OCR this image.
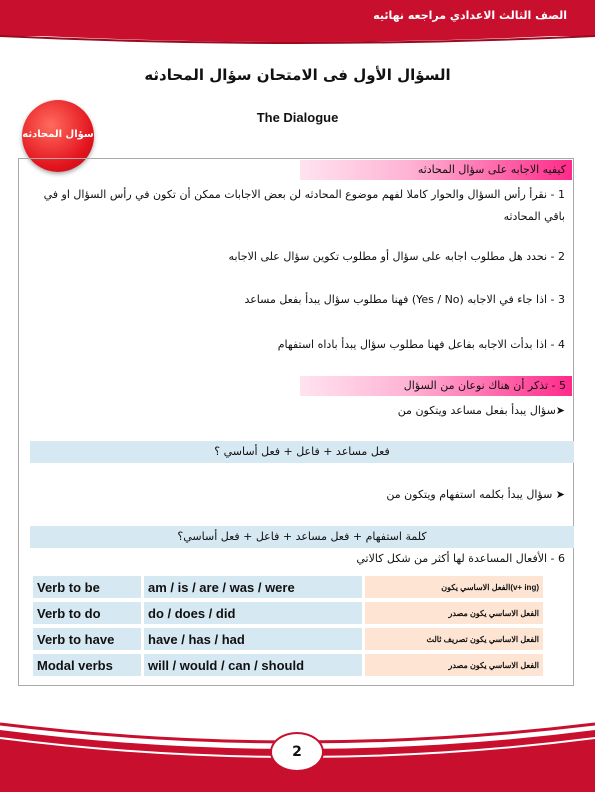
الصف الثالث الاعدادي مراجعه نهائيه
السؤال الأول فى الامتحان سؤال المحادثه
The Dialogue
سؤال المحادثه
كيفيه الاجابه على سؤال المحادثه
1 - نقرأ رأس السؤال والحوار كاملا لفهم موضوع المحادثه لن بعض الاجابات ممكن أن تكون في رأس السؤال او في باقي المحادثه
2 - نحدد هل مطلوب اجابه على سؤال أو مطلوب تكوين سؤال على الاجابه
3 - اذا جاء في الاجابه (Yes / No) فهنا مطلوب سؤال يبدأ بفعل مساعد
4 - اذا بدأت الاجابه بفاعل فهنا مطلوب سؤال يبدأ باداه استفهام
5 - تذكر أن هناك نوعان من السؤال
➤سؤال يبدأ بفعل مساعد ويتكون من
فعل مساعد + فاعل + فعل أساسي ؟
➤ سؤال يبدأ بكلمه استفهام ويتكون من
كلمة استفهام + فعل مساعد + فاعل + فعل أساسي؟
6 - الأفعال المساعدة لها أكثر من شكل كالاتي
Verb to be	am / is / are / was / were	(v+ ing)الفعل الاساسي يكون
Verb to do	do / does / did	الفعل الاساسي يكون مصدر
Verb to have	have / has / had	الفعل الاساسي يكون تصريف ثالث
Modal verbs	will / would / can / should	الفعل الاساسي يكون مصدر
2
